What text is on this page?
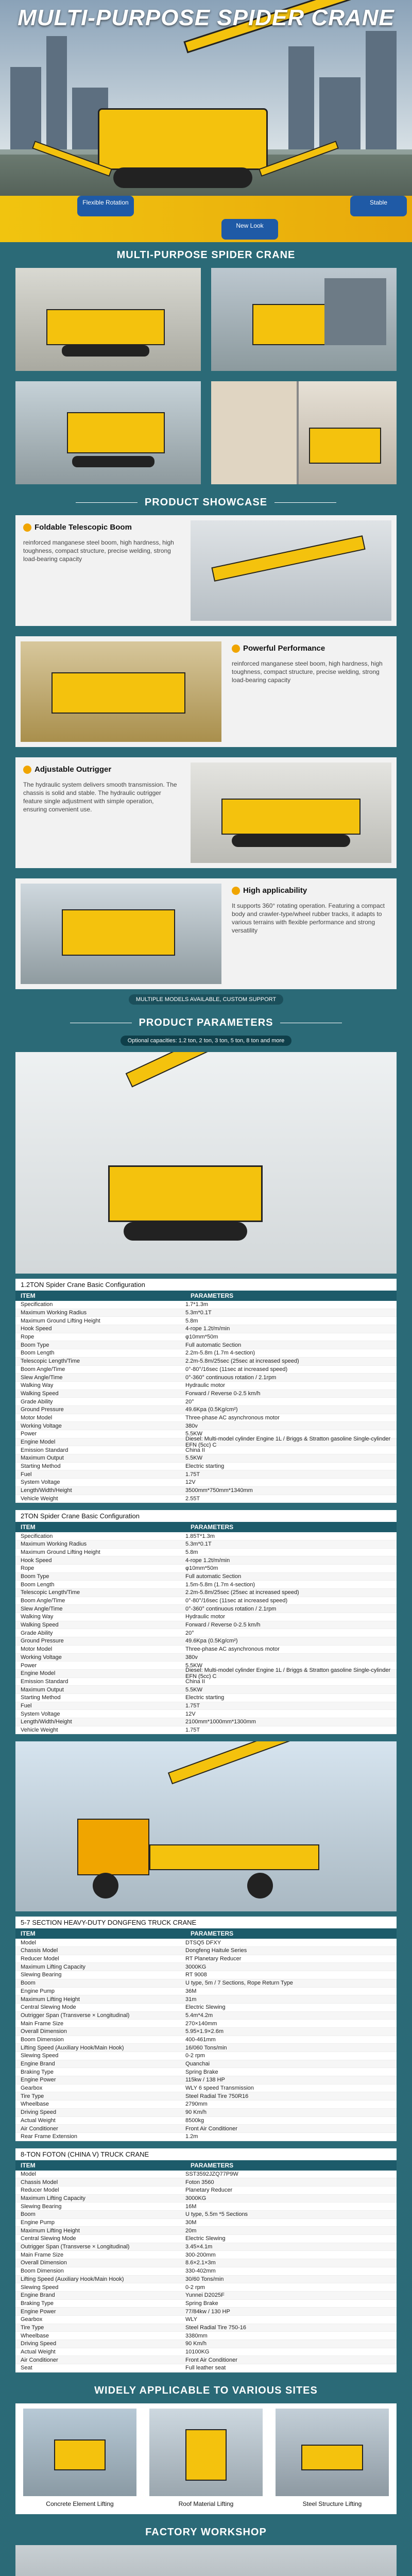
MULTI-PURPOSE SPIDER CRANE
Flexible Rotation
New Look
Stable
MULTI-PURPOSE SPIDER CRANE
PRODUCT SHOWCASE
Foldable Telescopic Boom
reinforced manganese steel boom, high hardness, high toughness, compact structure, precise welding, strong load-bearing capacity
Powerful Performance
reinforced manganese steel boom, high hardness, high toughness, compact structure, precise welding, strong load-bearing capacity
Adjustable Outrigger
The hydraulic system delivers smooth transmission. The chassis is solid and stable. The hydraulic outrigger feature single adjustment with simple operation, ensuring convenient use.
High applicability
It supports 360° rotating operation. Featuring a compact body and crawler-type/wheel rubber tracks, it adapts to various terrains with flexible performance and strong versatility
MULTIPLE MODELS AVAILABLE, CUSTOM SUPPORT
PRODUCT PARAMETERS
Optional capacities: 1.2 ton, 2 ton, 3 ton, 5 ton, 8 ton and more
1.2TON Spider Crane Basic Configuration
ITEM	PARAMETERS
Specification	1.7*1.3m
Maximum Working Radius	5.3m*0.1T
Maximum Ground Lifting Height	5.8m
Hook Speed	4-rope 1.2t/m/min
Rope	φ10mm*50m
Boom Type	Full automatic Section
Boom Length	2.2m-5.8m (1.7m 4-section)
Telescopic Length/Time	2.2m-5.8m/25sec (25sec at increased speed)
Boom Angle/Time	0°-80°/16sec (11sec at increased speed)
Slew Angle/Time	0°-360° continuous rotation / 2.1rpm
Walking Way	Hydraulic motor
Walking Speed	Forward / Reverse 0-2.5 km/h
Grade Ability	20°
Ground Pressure	49.6Kpa (0.5Kg/cm²)
Motor Model	Three-phase AC asynchronous motor
Working Voltage	380v
Power	5.5KW
Engine Model	Diesel: Multi-model cylinder Engine 1L / Briggs & Stratton gasoline Single-cylinder EFN (5cc) C
Emission Standard	China II
Maximum Output	5.5KW
Starting Method	Electric starting
Fuel	1.75T
System Voltage	12V
Length/Width/Height	3500mm*750mm*1340mm
Vehicle Weight	2.55T
2TON Spider Crane Basic Configuration
ITEM	PARAMETERS
Specification	1.85T*1.3m
Maximum Working Radius	5.3m*0.1T
Maximum Ground Lifting Height	5.8m
Hook Speed	4-rope 1.2t/m/min
Rope	φ10mm*50m
Boom Type	Full automatic Section
Boom Length	1.5m-5.8m (1.7m 4-section)
Telescopic Length/Time	2.2m-5.8m/25sec (25sec at increased speed)
Boom Angle/Time	0°-80°/16sec (11sec at increased speed)
Slew Angle/Time	0°-360° continuous rotation / 2.1rpm
Walking Way	Hydraulic motor
Walking Speed	Forward / Reverse 0-2.5 km/h
Grade Ability	20°
Ground Pressure	49.6Kpa (0.5Kg/cm²)
Motor Model	Three-phase AC asynchronous motor
Working Voltage	380v
Power	5.5KW
Engine Model	Diesel: Multi-model cylinder Engine 1L / Briggs & Stratton gasoline Single-cylinder EFN (5cc) C
Emission Standard	China II
Maximum Output	5.5KW
Starting Method	Electric starting
Fuel	1.75T
System Voltage	12V
Length/Width/Height	2100mm*1000mm*1300mm
Vehicle Weight	1.75T
5-7 SECTION HEAVY-DUTY DONGFENG TRUCK CRANE
ITEM	PARAMETERS
Model	DTSQ5 DFXY
Chassis Model	Dongfeng Haitule Series
Reducer Model	RT Planetary Reducer
Maximum Lifting Capacity	3000KG
Slewing Bearing	RT 9008
Boom	U type, 5m / 7 Sections, Rope Return Type
Engine Pump	36M
Maximum Lifting Height	31m
Central Slewing Mode	Electric Slewing
Outrigger Span (Transverse × Longitudinal)	5.4m*4.2m
Main Frame Size	270×140mm
Overall Dimension	5.95×1.9×2.6m
Boom Dimension	400-461mm
Lifting Speed (Auxiliary Hook/Main Hook)	16/060 Tons/min
Slewing Speed	0-2 rpm
Engine Brand	Quanchai
Braking Type	Spring Brake
Engine Power	115kw / 138 HP
Gearbox	WLY 6 speed Transmission
Tire Type	Steel Radial Tire 750R16
Wheelbase	2790mm
Driving Speed	90 Km/h
Actual Weight	8500kg
Air Conditioner	Front Air Conditioner
Rear Frame Extension	1.2m
8-TON FOTON (CHINA V) TRUCK CRANE
ITEM	PARAMETERS
Model	SST3592JZQ77P9W
Chassis Model	Foton 3560
Reducer Model	Planetary Reducer
Maximum Lifting Capacity	3000KG
Slewing Bearing	16M
Boom	U type, 5.5m *5 Sections
Engine Pump	30M
Maximum Lifting Height	20m
Central Slewing Mode	Electric Slewing
Outrigger Span (Transverse × Longitudinal)	3.45×4.1m
Main Frame Size	300-200mm
Overall Dimension	8.6×2.1×3m
Boom Dimension	330-402mm
Lifting Speed (Auxiliary Hook/Main Hook)	30/60 Tons/min
Slewing Speed	0-2 rpm
Engine Brand	Yunnei D2025F
Braking Type	Spring Brake
Engine Power	77/84kw / 130 HP
Gearbox	WLY
Tire Type	Steel Radial Tire 750-16
Wheelbase	3380mm
Driving Speed	90 Km/h
Actual Weight	10100KG
Air Conditioner	Front Air Conditioner
Seat	Full leather seat
WIDELY APPLICABLE TO VARIOUS SITES
Concrete Element Lifting	Roof Material Lifting	Steel Structure Lifting
FACTORY WORKSHOP
